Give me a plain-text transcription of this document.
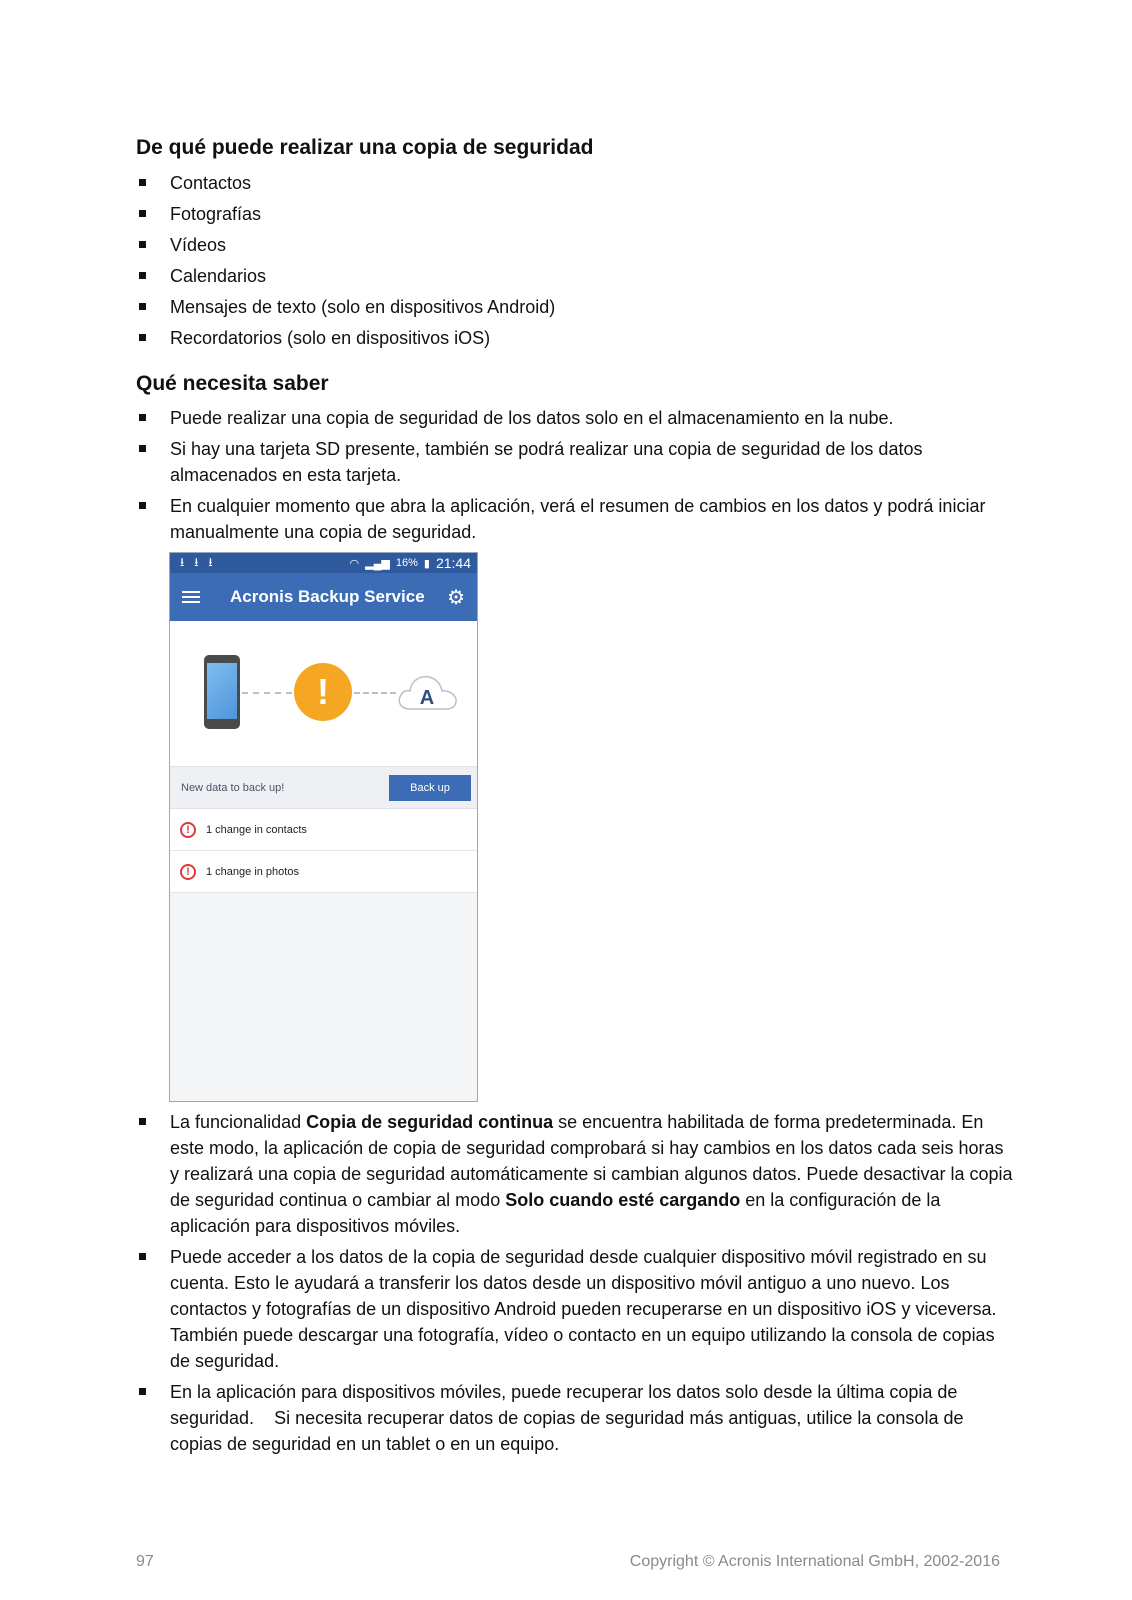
De qué puede realizar una copia de seguridad
Contactos
Fotografías
Vídeos
Calendarios
Mensajes de texto (solo en dispositivos Android)
Recordatorios (solo en dispositivos iOS)
Qué necesita saber
Puede realizar una copia de seguridad de los datos solo en el almacenamiento en la nube.
Si hay una tarjeta SD presente, también se podrá realizar una copia de seguridad de los datos almacenados en esta tarjeta.
En cualquier momento que abra la aplicación, verá el resumen de cambios en los datos y podrá iniciar manualmente una copia de seguridad.
⭳ ⭳ ⭳	◠ ▂▄▆ 16% ▮ 21:44
Acronis Backup Service	⚙
!	A
New data to back up!	Back up
!	1 change in contacts
!	1 change in photos
La funcionalidad Copia de seguridad continua se encuentra habilitada de forma predeterminada. En este modo, la aplicación de copia de seguridad comprobará si hay cambios en los datos cada seis horas y realizará una copia de seguridad automáticamente si cambian algunos datos. Puede desactivar la copia de seguridad continua o cambiar al modo Solo cuando esté cargando en la configuración de la aplicación para dispositivos móviles.
Puede acceder a los datos de la copia de seguridad desde cualquier dispositivo móvil registrado en su cuenta. Esto le ayudará a transferir los datos desde un dispositivo móvil antiguo a uno nuevo. Los contactos y fotografías de un dispositivo Android pueden recuperarse en un dispositivo iOS y viceversa. También puede descargar una fotografía, vídeo o contacto en un equipo utilizando la consola de copias de seguridad.
En la aplicación para dispositivos móviles, puede recuperar los datos solo desde la última copia de seguridad.    Si necesita recuperar datos de copias de seguridad más antiguas, utilice la consola de copias de seguridad en un tablet o en un equipo.
97	Copyright © Acronis International GmbH, 2002-2016
